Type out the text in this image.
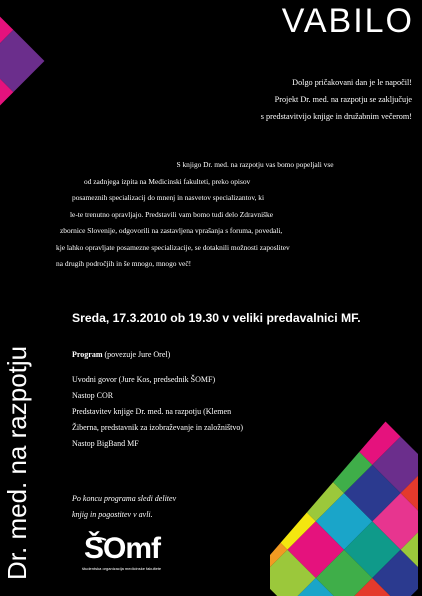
VABILO
Dolgo pričakovani dan je le napočil!
Projekt Dr. med. na razpotju se zaključuje
s predstavitvijo knjige in družabnim večerom!
S knjigo Dr. med. na razpotju vas bomo popeljali vse
od zadnjega izpita na Medicinski fakulteti, preko opisov
posameznih specializacij do mnenj in nasvetov specializantov, ki
le-te trenutno opravljajo. Predstavili vam bomo tudi delo Zdravniške
zbornice Slovenije, odgovorili na zastavljena vprašanja s foruma, povedali,
kje lahko opravljate posamezne specializacije, se dotaknili možnosti zaposlitev
na drugih področjih in še mnogo, mnogo več!
Dr. med. na razpotju
Sreda, 17.3.2010 ob 19.30 v veliki predavalnici MF.
Program (povezuje Jure Orel)
Uvodni govor (Jure Kos, predsednik ŠOMF)
Nastop COR
Predstavitev knjige Dr. med. na razpotju (Klemen
Žiberna, predstavnik za izobraževanje in založništvo)
Nastop BigBand MF
Po koncu programa sledi delitev
knjig in pogostitev v avli.
ŠOmf
študentska organizacija medicinske fakultete
